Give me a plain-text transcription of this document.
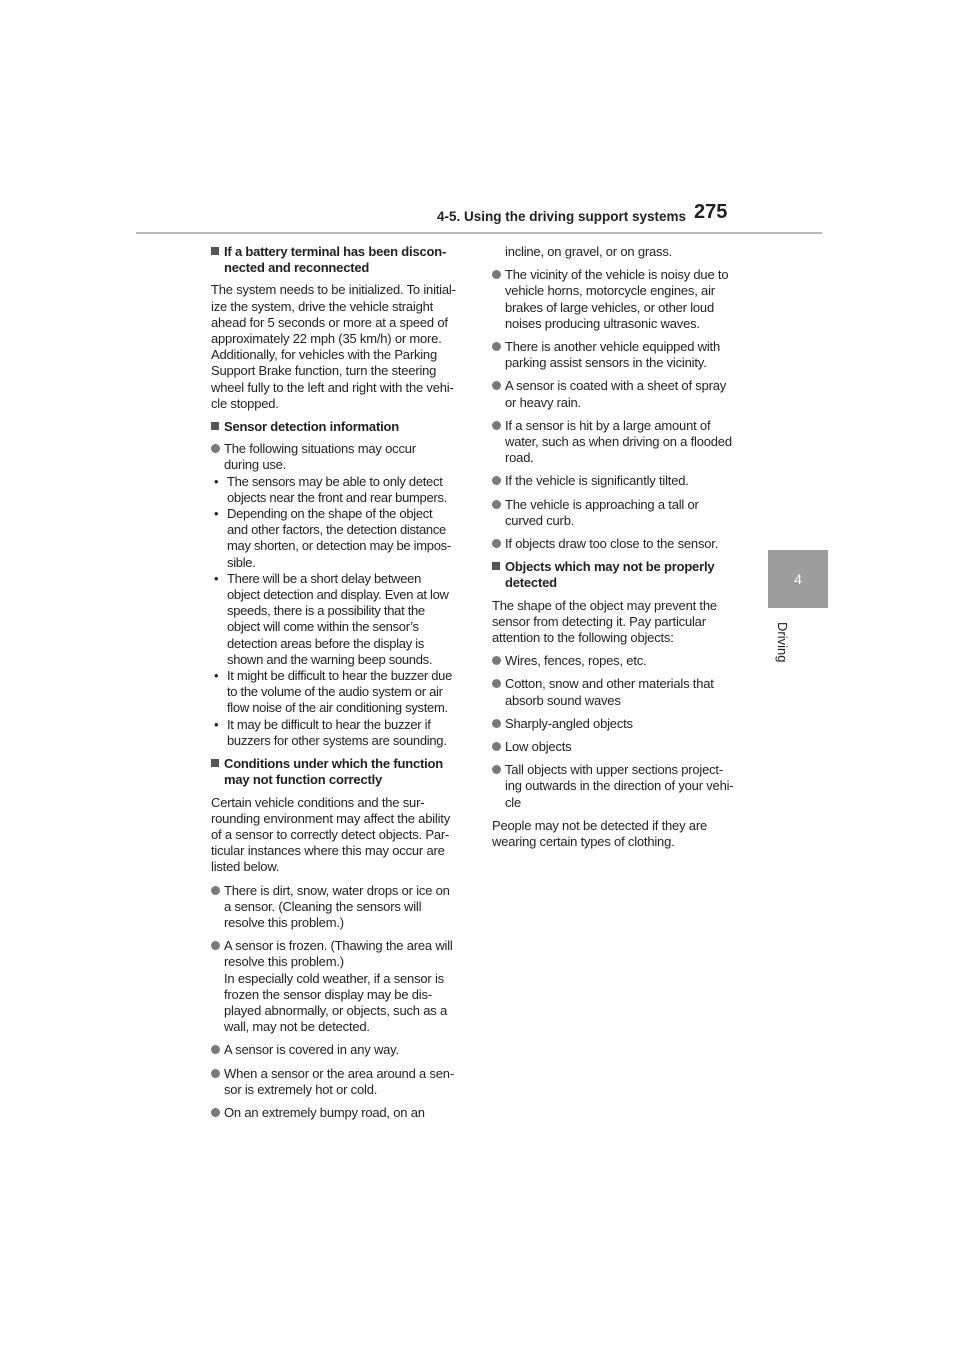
4-5. Using the driving support systems 275
4
Driving
If a battery terminal has been discon-
nected and reconnected
The system needs to be initialized. To initial-
ize the system, drive the vehicle straight
ahead for 5 seconds or more at a speed of
approximately 22 mph (35 km/h) or more.
Additionally, for vehicles with the Parking
Support Brake function, turn the steering
wheel fully to the left and right with the vehi-
cle stopped.
Sensor detection information
The following situations may occur
during use.
• The sensors may be able to only detect
objects near the front and rear bumpers.
• Depending on the shape of the object
and other factors, the detection distance
may shorten, or detection may be impos-
sible.
• There will be a short delay between
object detection and display. Even at low
speeds, there is a possibility that the
object will come within the sensor’s
detection areas before the display is
shown and the warning beep sounds.
• It might be difficult to hear the buzzer due
to the volume of the audio system or air
flow noise of the air conditioning system.
• It may be difficult to hear the buzzer if
buzzers for other systems are sounding.
Conditions under which the function
may not function correctly
Certain vehicle conditions and the sur-
rounding environment may affect the ability
of a sensor to correctly detect objects. Par-
ticular instances where this may occur are
listed below.
There is dirt, snow, water drops or ice on
a sensor. (Cleaning the sensors will
resolve this problem.)
A sensor is frozen. (Thawing the area will
resolve this problem.)
In especially cold weather, if a sensor is
frozen the sensor display may be dis-
played abnormally, or objects, such as a
wall, may not be detected.
A sensor is covered in any way.
When a sensor or the area around a sen-
sor is extremely hot or cold.
On an extremely bumpy road, on an
incline, on gravel, or on grass.
The vicinity of the vehicle is noisy due to
vehicle horns, motorcycle engines, air
brakes of large vehicles, or other loud
noises producing ultrasonic waves.
There is another vehicle equipped with
parking assist sensors in the vicinity.
A sensor is coated with a sheet of spray
or heavy rain.
If a sensor is hit by a large amount of
water, such as when driving on a flooded
road.
If the vehicle is significantly tilted.
The vehicle is approaching a tall or
curved curb.
If objects draw too close to the sensor.
Objects which may not be properly
detected
The shape of the object may prevent the
sensor from detecting it. Pay particular
attention to the following objects:
Wires, fences, ropes, etc.
Cotton, snow and other materials that
absorb sound waves
Sharply-angled objects
Low objects
Tall objects with upper sections project-
ing outwards in the direction of your vehi-
cle
People may not be detected if they are
wearing certain types of clothing.
